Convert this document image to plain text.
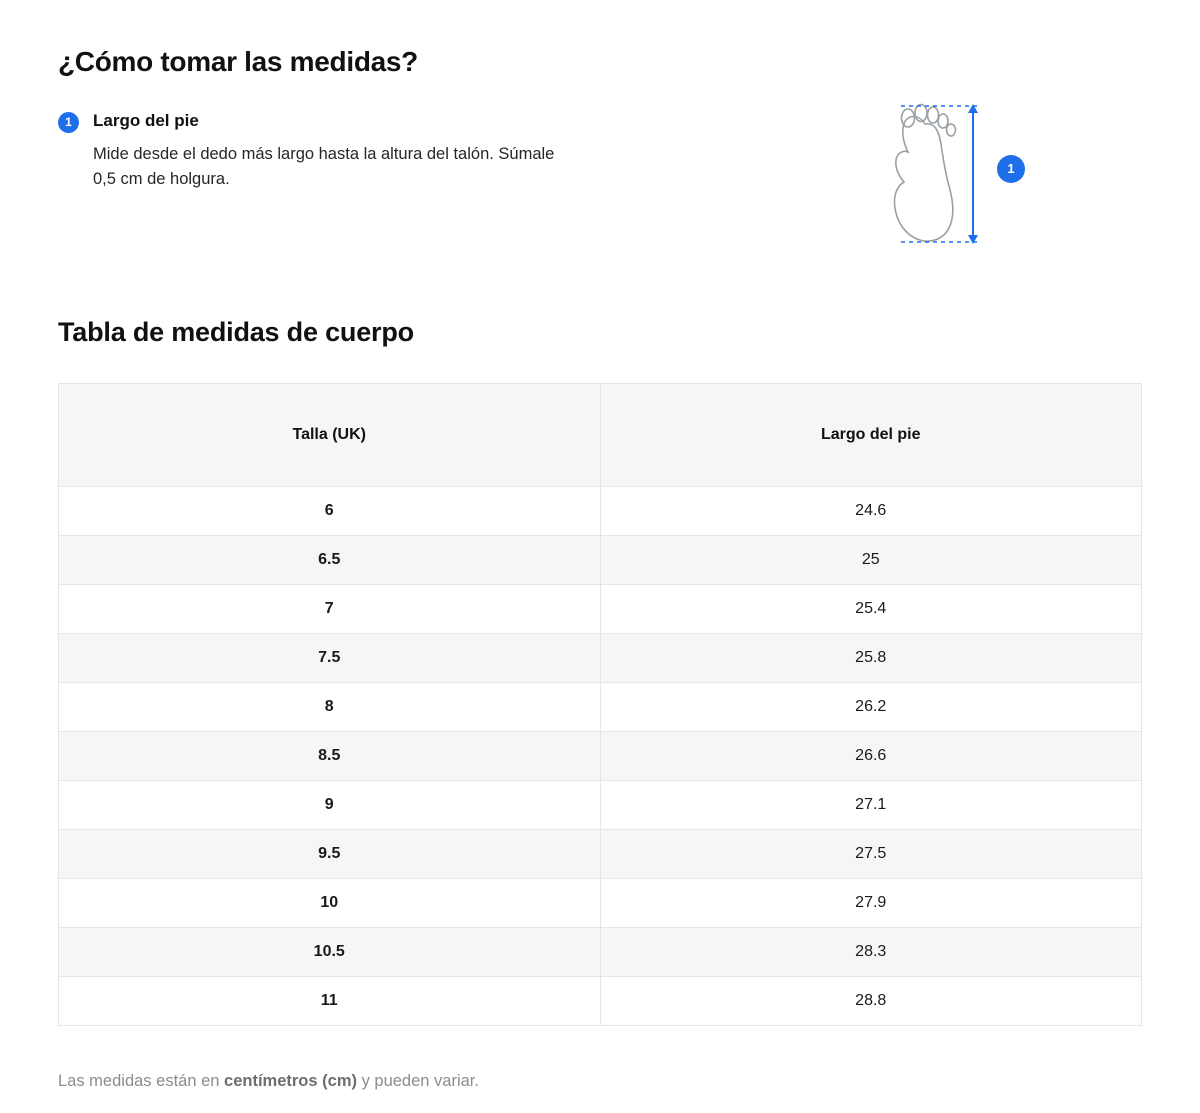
¿Cómo tomar las medidas?
1	Largo del pie

Mide desde el dedo más largo hasta la altura del talón. Súmale 0,5 cm de holgura.

1
Tabla de medidas de cuerpo
Talla (UK)	Largo del pie
6	24.6
6.5	25
7	25.4
7.5	25.8
8	26.2
8.5	26.6
9	27.1
9.5	27.5
10	27.9
10.5	28.3
11	28.8
Las medidas están en centímetros (cm) y pueden variar.
